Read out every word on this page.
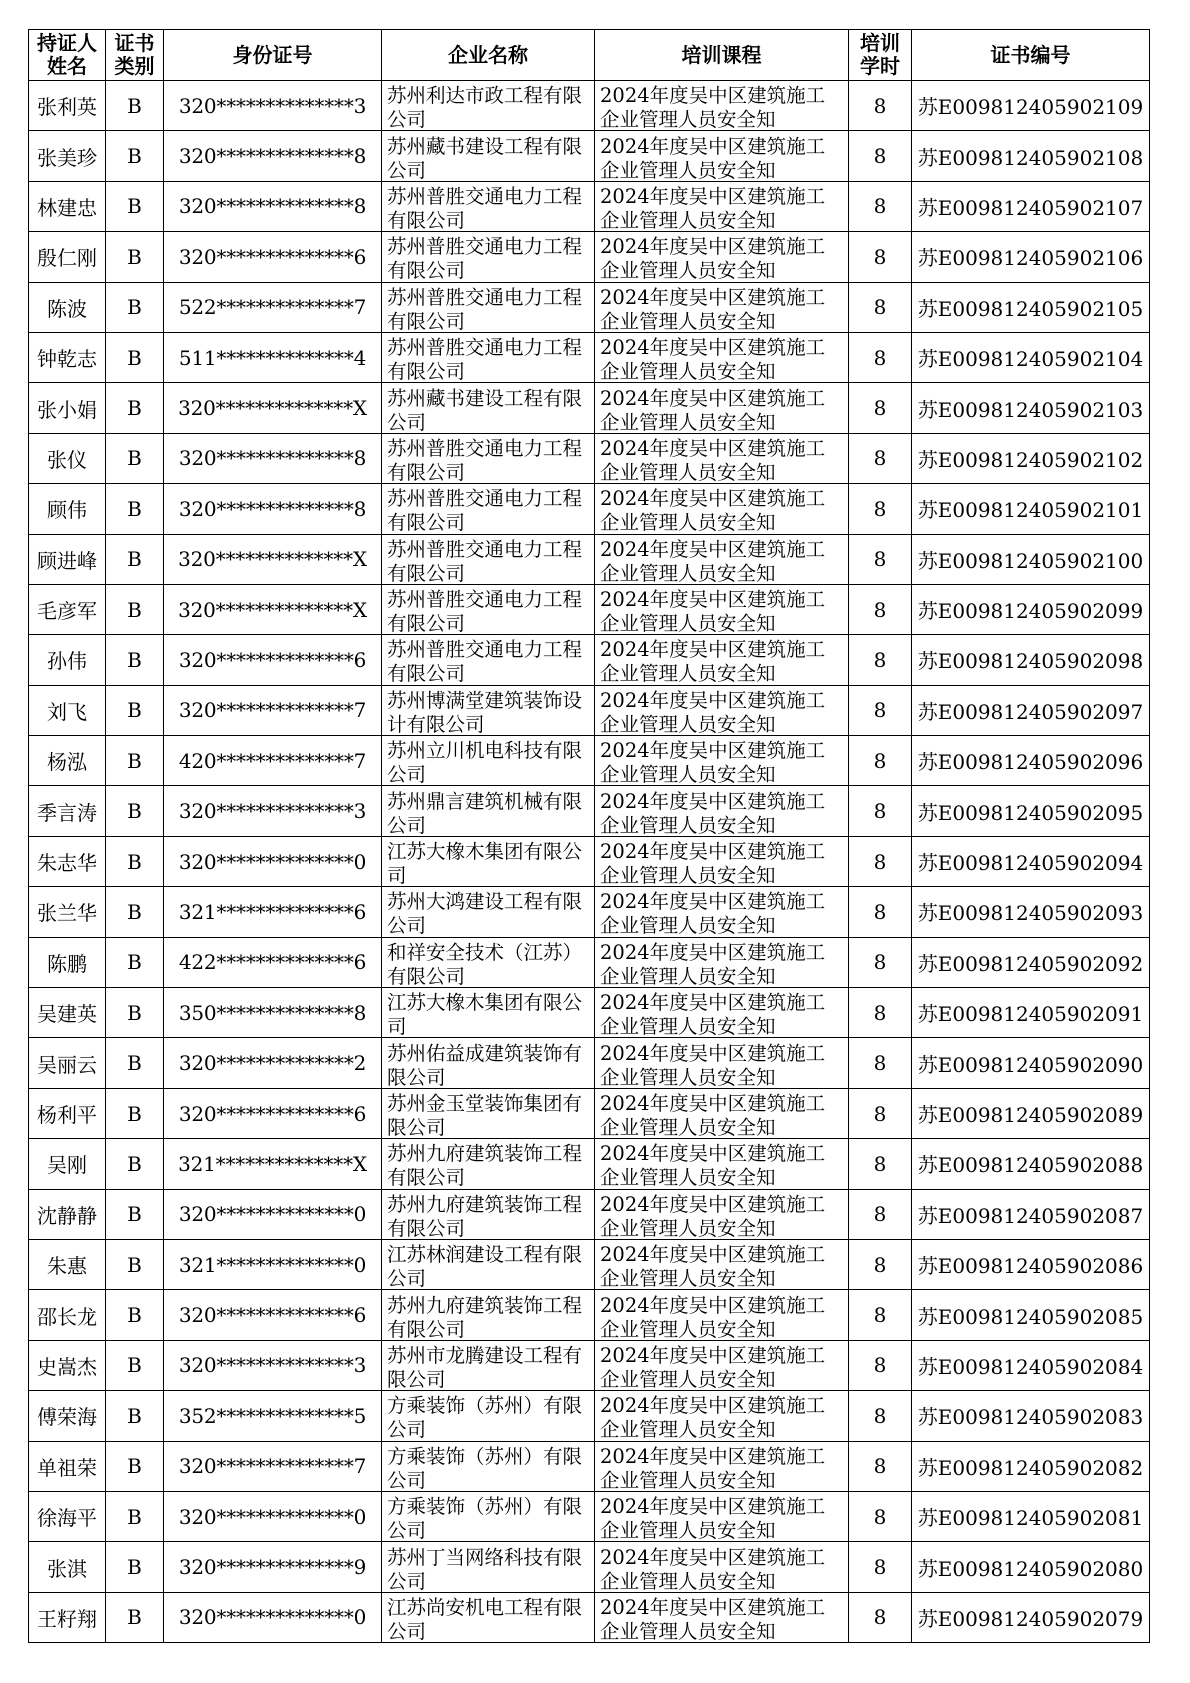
持证人姓名	证书类别	身份证号	企业名称	培训课程	培训学时	证书编号
张利英	B	320**************3	苏州利达市政工程有限公司	2024年度吴中区建筑施工企业管理人员安全知	8	苏E009812405902109
张美珍	B	320**************8	苏州藏书建设工程有限公司	2024年度吴中区建筑施工企业管理人员安全知	8	苏E009812405902108
林建忠	B	320**************8	苏州普胜交通电力工程有限公司	2024年度吴中区建筑施工企业管理人员安全知	8	苏E009812405902107
殷仁刚	B	320**************6	苏州普胜交通电力工程有限公司	2024年度吴中区建筑施工企业管理人员安全知	8	苏E009812405902106
陈波	B	522**************7	苏州普胜交通电力工程有限公司	2024年度吴中区建筑施工企业管理人员安全知	8	苏E009812405902105
钟乾志	B	511**************4	苏州普胜交通电力工程有限公司	2024年度吴中区建筑施工企业管理人员安全知	8	苏E009812405902104
张小娟	B	320**************X	苏州藏书建设工程有限公司	2024年度吴中区建筑施工企业管理人员安全知	8	苏E009812405902103
张仪	B	320**************8	苏州普胜交通电力工程有限公司	2024年度吴中区建筑施工企业管理人员安全知	8	苏E009812405902102
顾伟	B	320**************8	苏州普胜交通电力工程有限公司	2024年度吴中区建筑施工企业管理人员安全知	8	苏E009812405902101
顾进峰	B	320**************X	苏州普胜交通电力工程有限公司	2024年度吴中区建筑施工企业管理人员安全知	8	苏E009812405902100
毛彦军	B	320**************X	苏州普胜交通电力工程有限公司	2024年度吴中区建筑施工企业管理人员安全知	8	苏E009812405902099
孙伟	B	320**************6	苏州普胜交通电力工程有限公司	2024年度吴中区建筑施工企业管理人员安全知	8	苏E009812405902098
刘飞	B	320**************7	苏州博满堂建筑装饰设计有限公司	2024年度吴中区建筑施工企业管理人员安全知	8	苏E009812405902097
杨泓	B	420**************7	苏州立川机电科技有限公司	2024年度吴中区建筑施工企业管理人员安全知	8	苏E009812405902096
季言涛	B	320**************3	苏州鼎言建筑机械有限公司	2024年度吴中区建筑施工企业管理人员安全知	8	苏E009812405902095
朱志华	B	320**************0	江苏大橡木集团有限公司	2024年度吴中区建筑施工企业管理人员安全知	8	苏E009812405902094
张兰华	B	321**************6	苏州大鸿建设工程有限公司	2024年度吴中区建筑施工企业管理人员安全知	8	苏E009812405902093
陈鹏	B	422**************6	和祥安全技术（江苏）有限公司	2024年度吴中区建筑施工企业管理人员安全知	8	苏E009812405902092
吴建英	B	350**************8	江苏大橡木集团有限公司	2024年度吴中区建筑施工企业管理人员安全知	8	苏E009812405902091
吴丽云	B	320**************2	苏州佑益成建筑装饰有限公司	2024年度吴中区建筑施工企业管理人员安全知	8	苏E009812405902090
杨利平	B	320**************6	苏州金玉堂装饰集团有限公司	2024年度吴中区建筑施工企业管理人员安全知	8	苏E009812405902089
吴刚	B	321**************X	苏州九府建筑装饰工程有限公司	2024年度吴中区建筑施工企业管理人员安全知	8	苏E009812405902088
沈静静	B	320**************0	苏州九府建筑装饰工程有限公司	2024年度吴中区建筑施工企业管理人员安全知	8	苏E009812405902087
朱惠	B	321**************0	江苏林润建设工程有限公司	2024年度吴中区建筑施工企业管理人员安全知	8	苏E009812405902086
邵长龙	B	320**************6	苏州九府建筑装饰工程有限公司	2024年度吴中区建筑施工企业管理人员安全知	8	苏E009812405902085
史嵩杰	B	320**************3	苏州市龙腾建设工程有限公司	2024年度吴中区建筑施工企业管理人员安全知	8	苏E009812405902084
傅荣海	B	352**************5	方乘装饰（苏州）有限公司	2024年度吴中区建筑施工企业管理人员安全知	8	苏E009812405902083
单祖荣	B	320**************7	方乘装饰（苏州）有限公司	2024年度吴中区建筑施工企业管理人员安全知	8	苏E009812405902082
徐海平	B	320**************0	方乘装饰（苏州）有限公司	2024年度吴中区建筑施工企业管理人员安全知	8	苏E009812405902081
张淇	B	320**************9	苏州丁当网络科技有限公司	2024年度吴中区建筑施工企业管理人员安全知	8	苏E009812405902080
王籽翔	B	320**************0	江苏尚安机电工程有限公司	2024年度吴中区建筑施工企业管理人员安全知	8	苏E009812405902079
